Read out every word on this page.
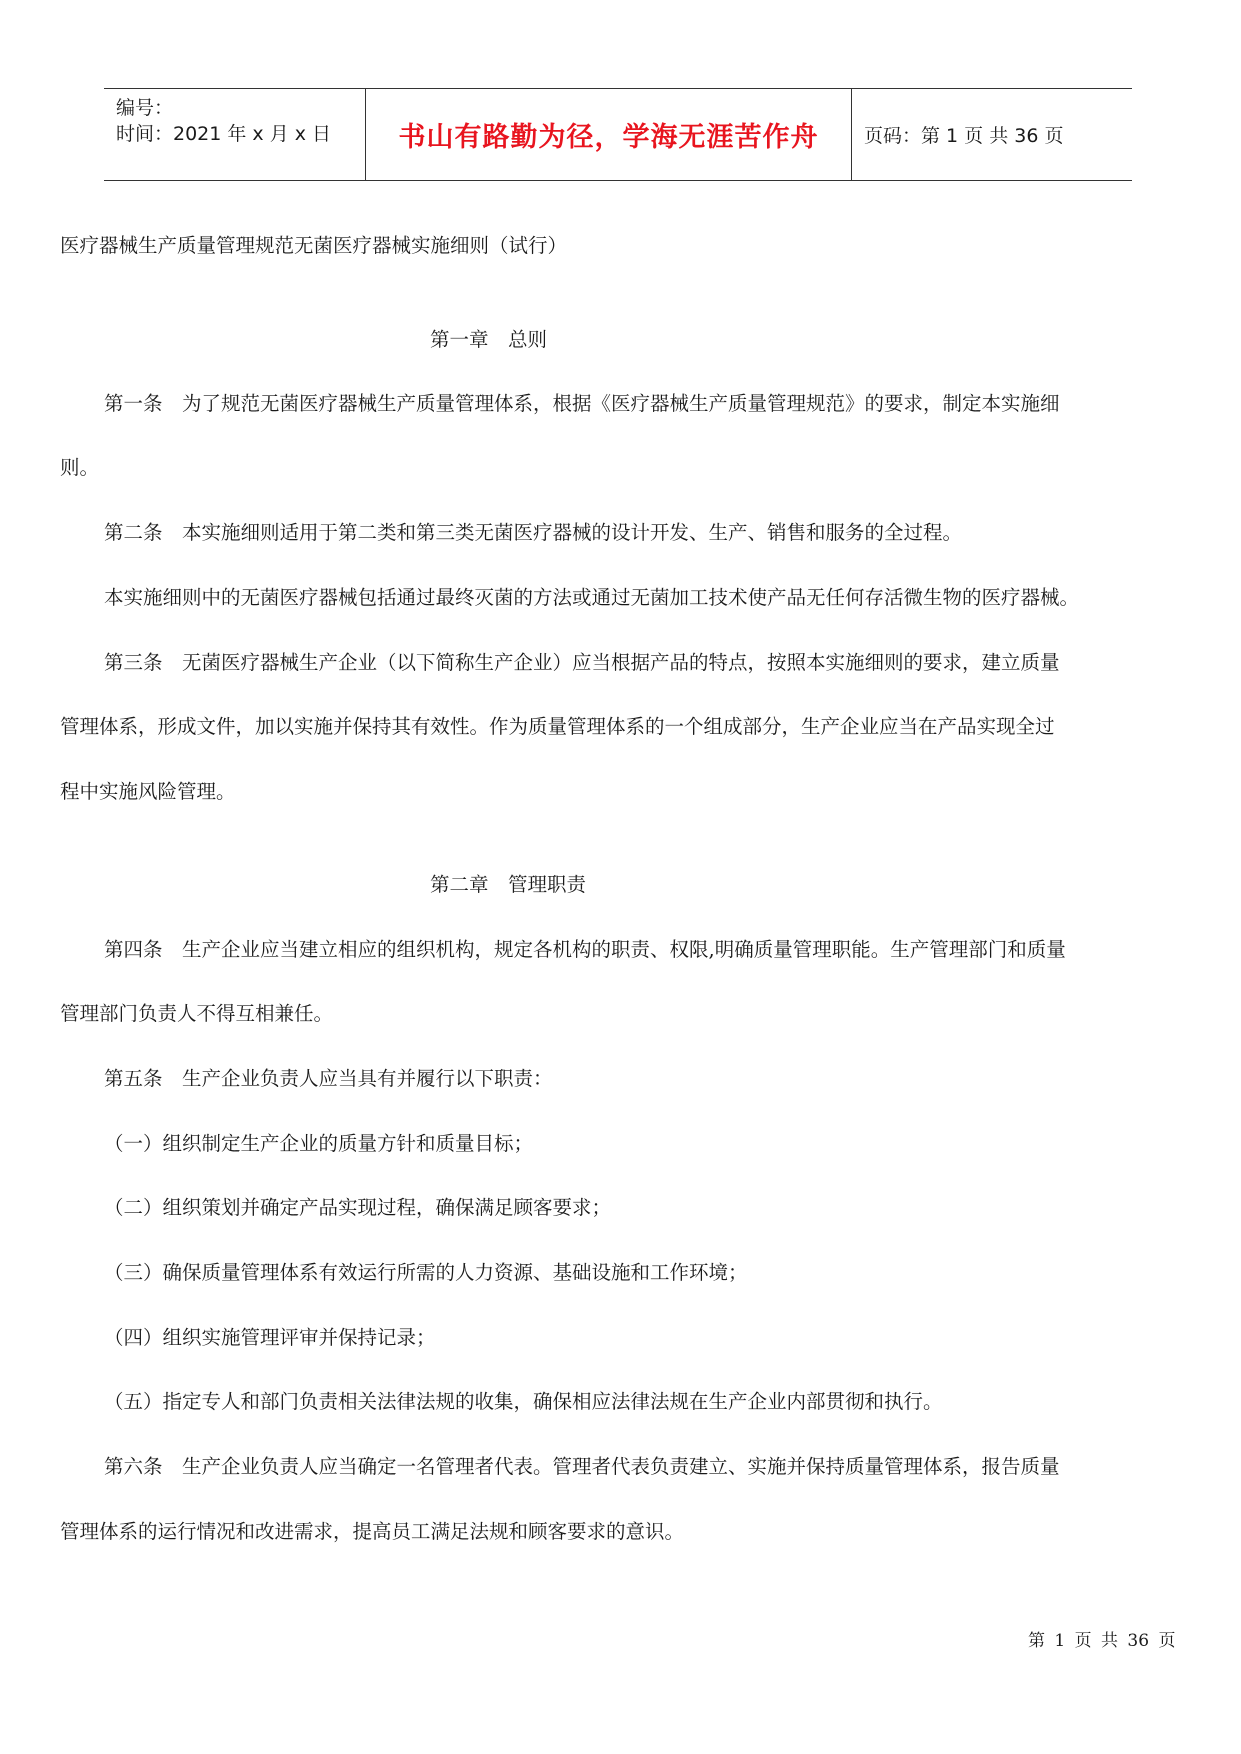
编号：
时间：2021 年 x 月 x 日 书山有路勤为径，学海无涯苦作舟 页码：第 1 页 共 36 页
医疗器械生产质量管理规范无菌医疗器械实施细则（试行）
第一章　总则
第一条　为了规范无菌医疗器械生产质量管理体系，根据《医疗器械生产质量管理规范》的要求，制定本实施细
则。
第二条　本实施细则适用于第二类和第三类无菌医疗器械的设计开发、生产、销售和服务的全过程。
本实施细则中的无菌医疗器械包括通过最终灭菌的方法或通过无菌加工技术使产品无任何存活微生物的医疗器械。
第三条　无菌医疗器械生产企业（以下简称生产企业）应当根据产品的特点，按照本实施细则的要求，建立质量
管理体系，形成文件，加以实施并保持其有效性。作为质量管理体系的一个组成部分，生产企业应当在产品实现全过
程中实施风险管理。
第二章　管理职责
第四条　生产企业应当建立相应的组织机构，规定各机构的职责、权限,明确质量管理职能。生产管理部门和质量
管理部门负责人不得互相兼任。
第五条　生产企业负责人应当具有并履行以下职责：
（一）组织制定生产企业的质量方针和质量目标；
（二）组织策划并确定产品实现过程，确保满足顾客要求；
（三）确保质量管理体系有效运行所需的人力资源、基础设施和工作环境；
（四）组织实施管理评审并保持记录；
（五）指定专人和部门负责相关法律法规的收集，确保相应法律法规在生产企业内部贯彻和执行。
第六条　生产企业负责人应当确定一名管理者代表。管理者代表负责建立、实施并保持质量管理体系，报告质量
管理体系的运行情况和改进需求，提高员工满足法规和顾客要求的意识。
第 1 页 共 36 页
